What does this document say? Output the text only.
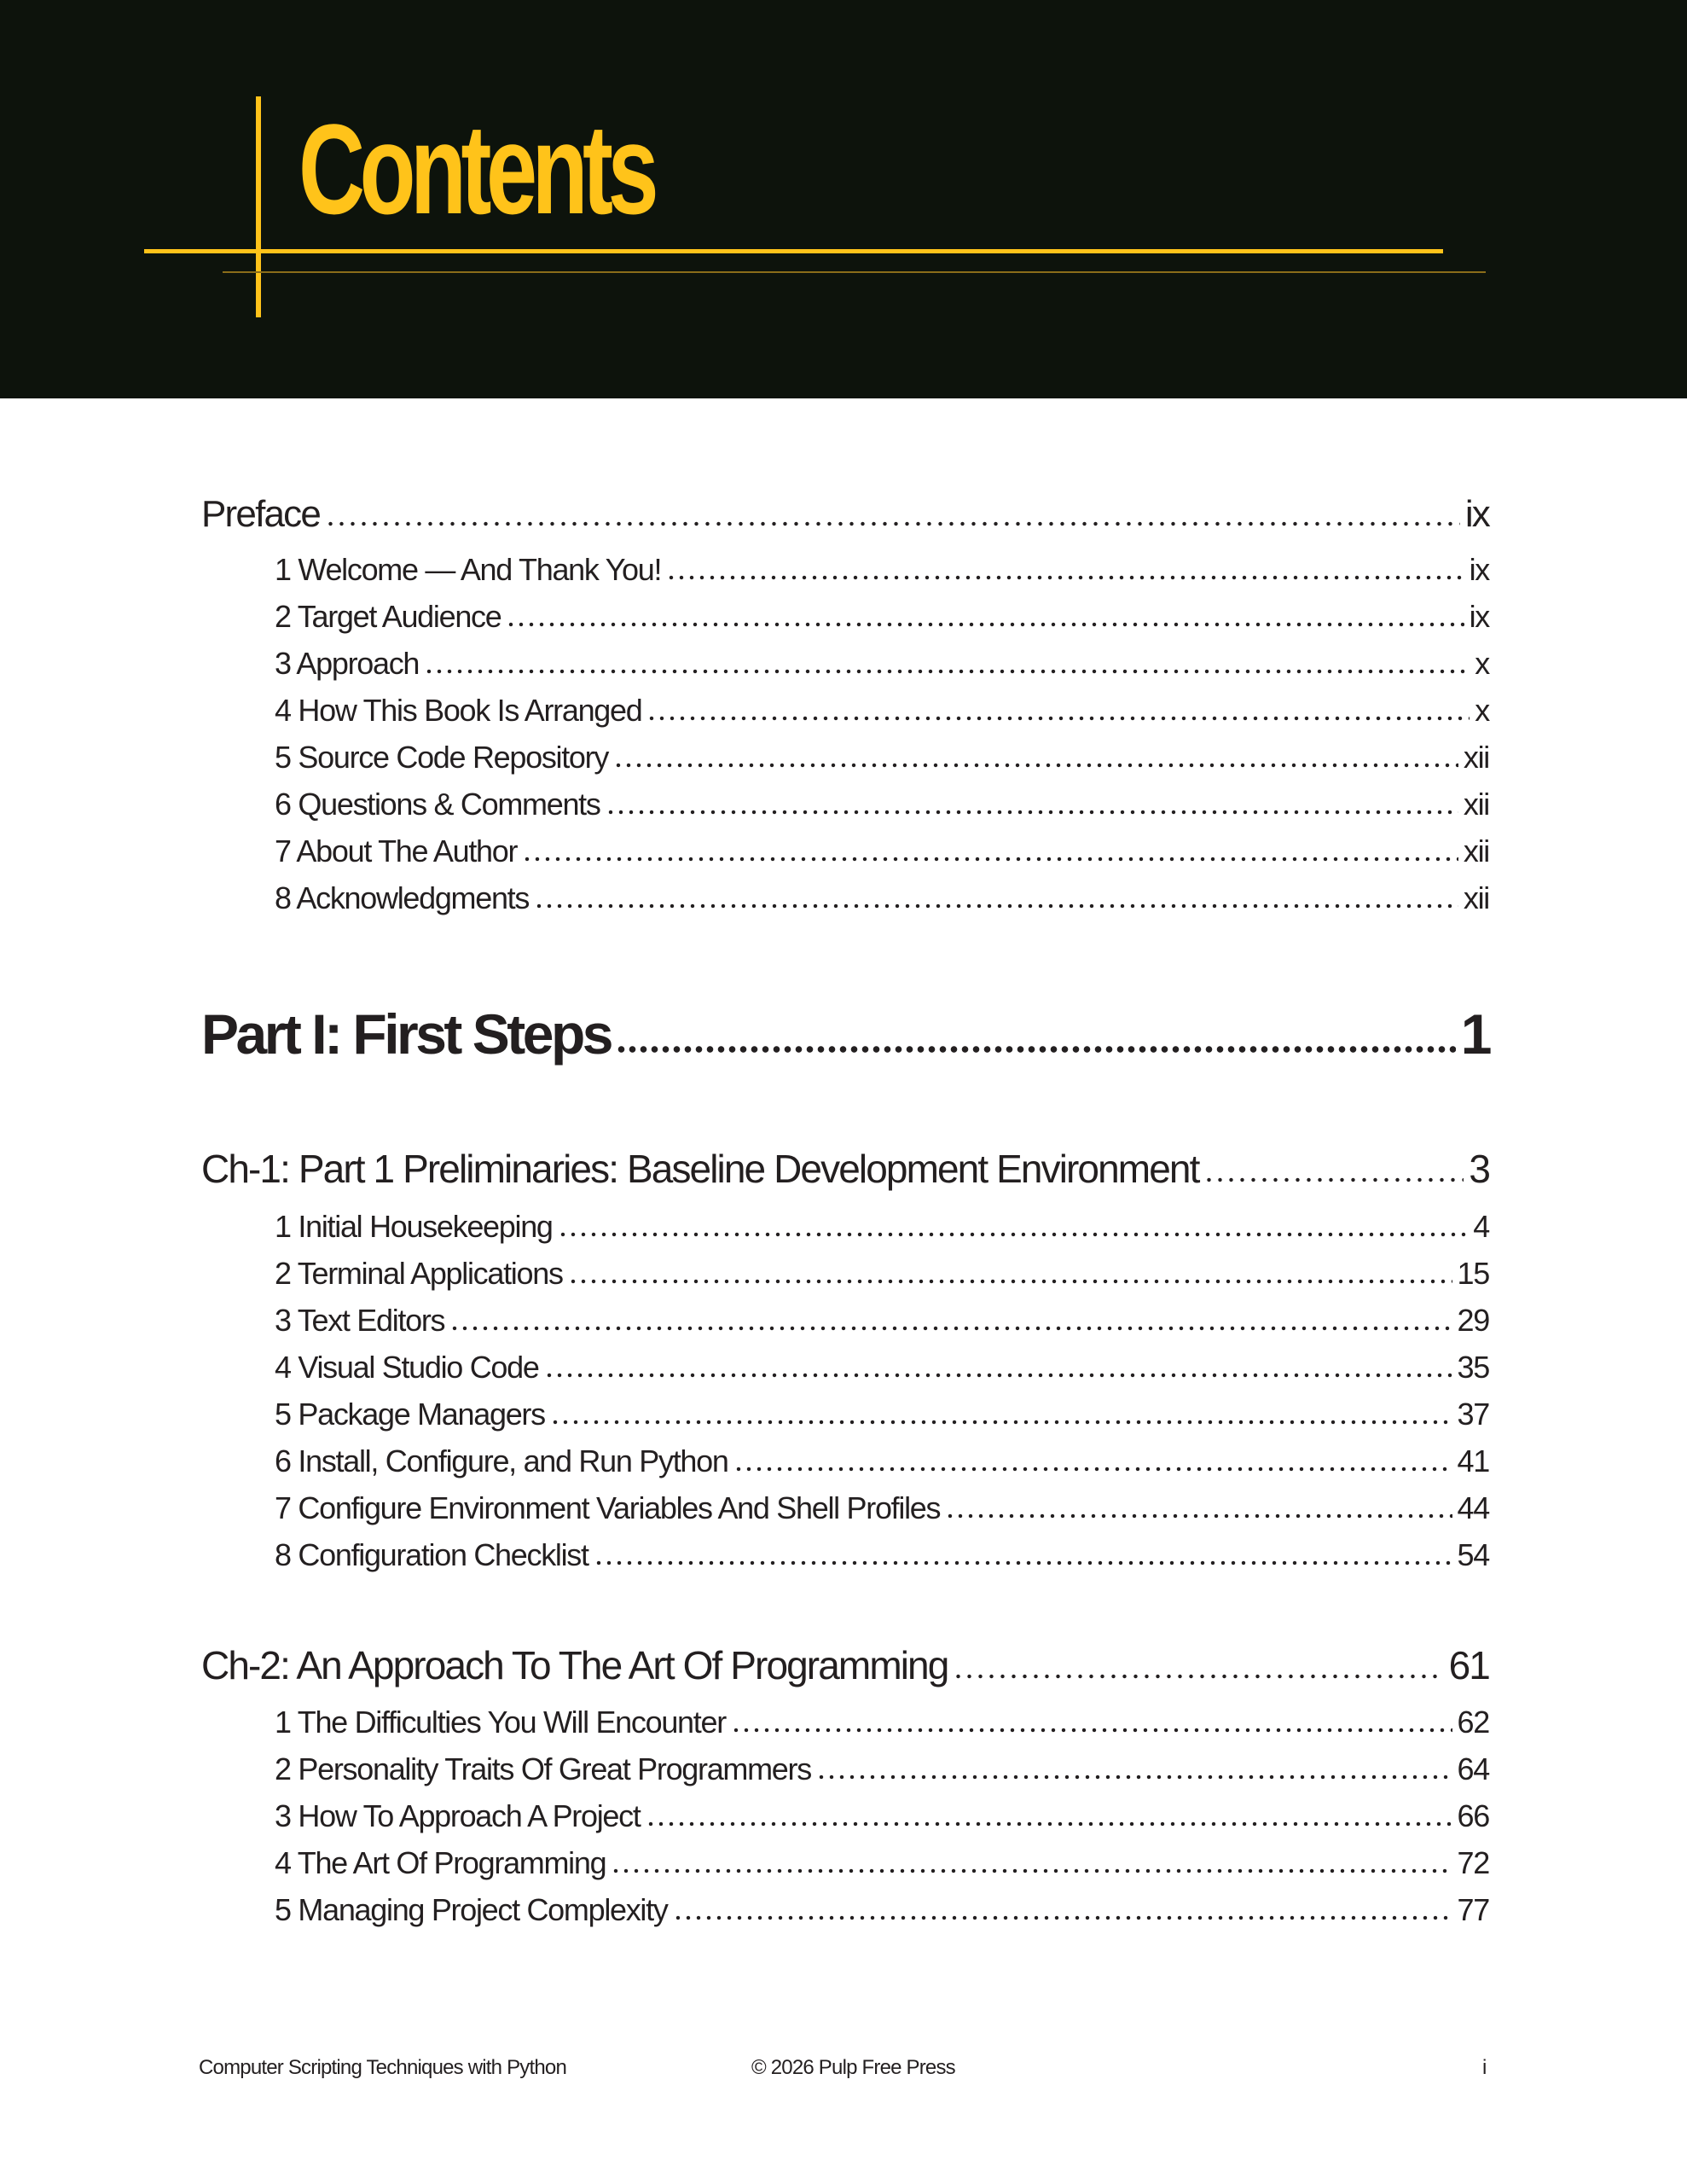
Contents
Preface	ix
1 Welcome — And Thank You!	ix
2 Target Audience	ix
3 Approach	x
4 How This Book Is Arranged	x
5 Source Code Repository	xii
6 Questions & Comments	xii
7 About The Author	xii
8 Acknowledgments	xii
Part I: First Steps	1
Ch-1: Part 1 Preliminaries: Baseline Development Environment	3
1 Initial Housekeeping	4
2 Terminal Applications	15
3 Text Editors	29
4 Visual Studio Code	35
5 Package Managers	37
6 Install, Configure, and Run Python	41
7 Configure Environment Variables And Shell Profiles	44
8 Configuration Checklist	54
Ch-2: An Approach To The Art Of Programming	61
1 The Difficulties You Will Encounter	62
2 Personality Traits Of Great Programmers	64
3 How To Approach A Project	66
4 The Art Of Programming	72
5 Managing Project Complexity	77
Computer Scripting Techniques with Python	© 2026 Pulp Free Press	i
